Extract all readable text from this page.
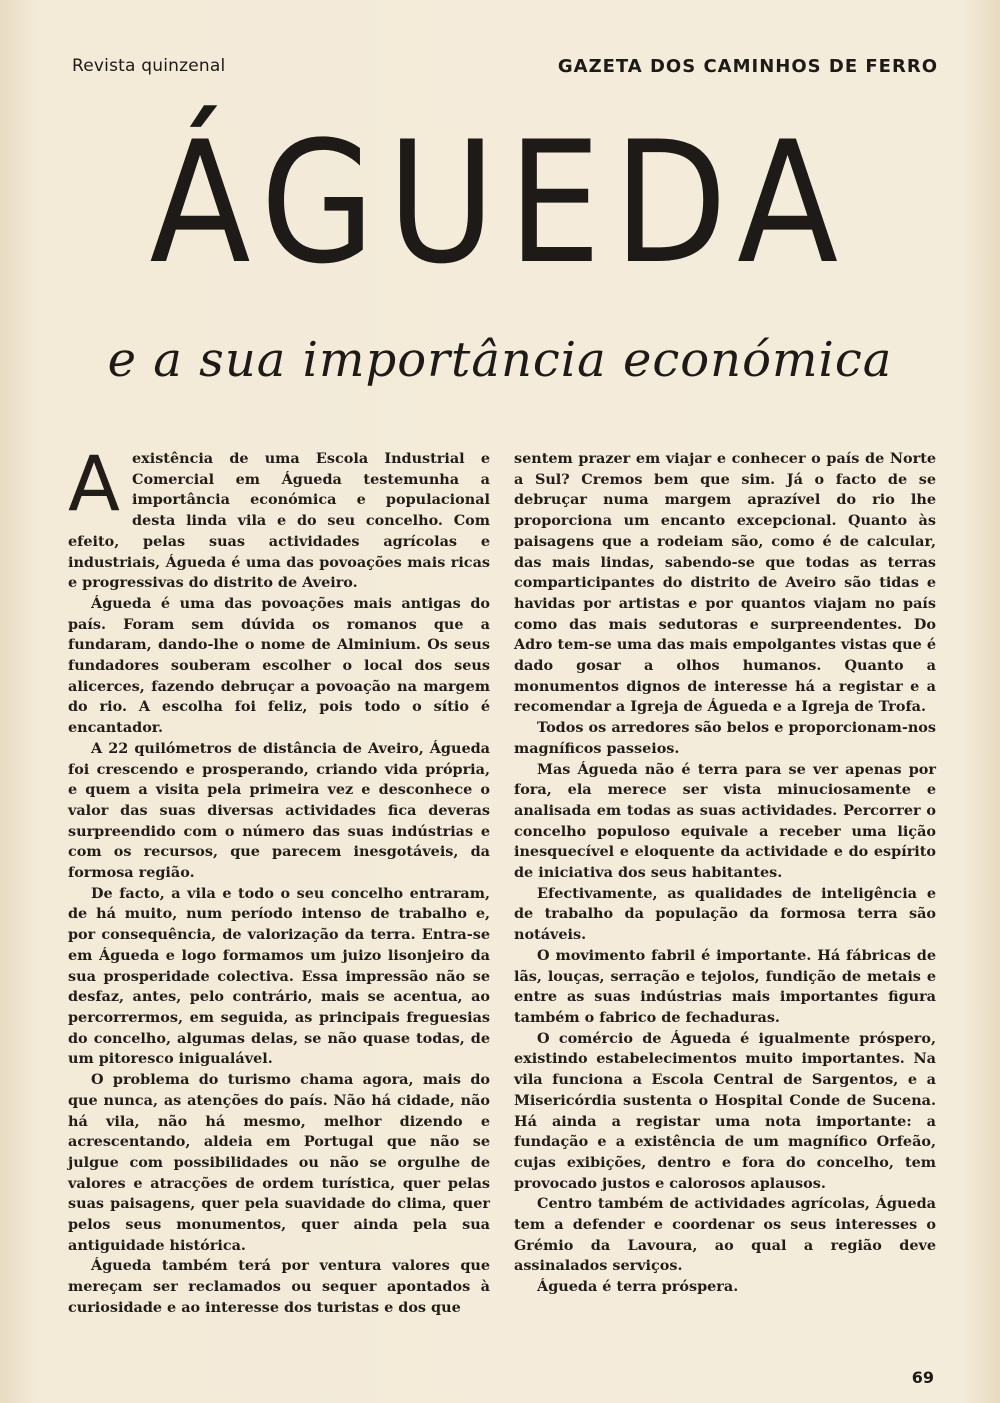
Revista quinzenal	GAZETA DOS CAMINHOS DE FERRO
ÁGUEDA
e a sua importância económica

Aexistência de uma Escola Industrial e Comercial em Águeda testemunha a importância económica e populacional desta linda vila e do seu concelho. Com efeito, pelas suas actividades agrícolas e industriais, Águeda é uma das povoações mais ricas e progressivas do distrito de Aveiro.

Águeda é uma das povoações mais antigas do país. Foram sem dúvida os romanos que a fundaram, dando-lhe o nome de Alminium. Os seus fundadores souberam escolher o local dos seus alicerces, fazendo debruçar a povoação na margem do rio. A escolha foi feliz, pois todo o sítio é encantador.

A 22 quilómetros de distância de Aveiro, Águeda foi crescendo e prosperando, criando vida própria, e quem a visita pela primeira vez e desconhece o valor das suas diversas actividades fica deveras surpreendido com o número das suas indústrias e com os recursos, que parecem inesgotáveis, da formosa região.

De facto, a vila e todo o seu concelho entraram, de há muito, num período intenso de trabalho e, por consequência, de valorização da terra. Entra-se em Águeda e logo formamos um juizo lisonjeiro da sua prosperidade colectiva. Essa impressão não se desfaz, antes, pelo contrário, mais se acentua, ao percorrermos, em seguida, as principais freguesias do concelho, algumas delas, se não quase todas, de um pitoresco inigualável.

O problema do turismo chama agora, mais do que nunca, as atenções do país. Não há cidade, não há vila, não há mesmo, melhor dizendo e acrescentando, aldeia em Portugal que não se julgue com possibilidades ou não se orgulhe de valores e atracções de ordem turística, quer pelas suas paisagens, quer pela suavidade do clima, quer pelos seus monumentos, quer ainda pela sua antiguidade histórica.

Águeda também terá por ventura valores que mereçam ser reclamados ou sequer apontados à curiosidade e ao interesse dos turistas e dos que

sentem prazer em viajar e conhecer o país de Norte a Sul? Cremos bem que sim. Já o facto de se debruçar numa margem aprazível do rio lhe proporciona um encanto excepcional. Quanto às paisagens que a rodeiam são, como é de calcular, das mais lindas, sabendo-se que todas as terras comparticipantes do distrito de Aveiro são tidas e havidas por artistas e por quantos viajam no país como das mais sedutoras e surpreendentes. Do Adro tem-se uma das mais empolgantes vistas que é dado gosar a olhos humanos. Quanto a monumentos dignos de interesse há a registar e a recomendar a Igreja de Águeda e a Igreja de Trofa.

Todos os arredores são belos e proporcionam-nos magníficos passeios.

Mas Águeda não é terra para se ver apenas por fora, ela merece ser vista minuciosamente e analisada em todas as suas actividades. Percorrer o concelho populoso equivale a receber uma lição inesquecível e eloquente da actividade e do espírito de iniciativa dos seus habitantes.

Efectivamente, as qualidades de inteligência e de trabalho da população da formosa terra são notáveis.

O movimento fabril é importante. Há fábricas de lãs, louças, serração e tejolos, fundição de metais e entre as suas indústrias mais importantes figura também o fabrico de fechaduras.

O comércio de Águeda é igualmente próspero, existindo estabelecimentos muito importantes. Na vila funciona a Escola Central de Sargentos, e a Misericórdia sustenta o Hospital Conde de Sucena. Há ainda a registar uma nota importante: a fundação e a existência de um magnífico Orfeão, cujas exibições, dentro e fora do concelho, tem provocado justos e calorosos aplausos.

Centro também de actividades agrícolas, Águeda tem a defender e coordenar os seus interesses o Grémio da Lavoura, ao qual a região deve assinalados serviços.

Águeda é terra próspera.

69
